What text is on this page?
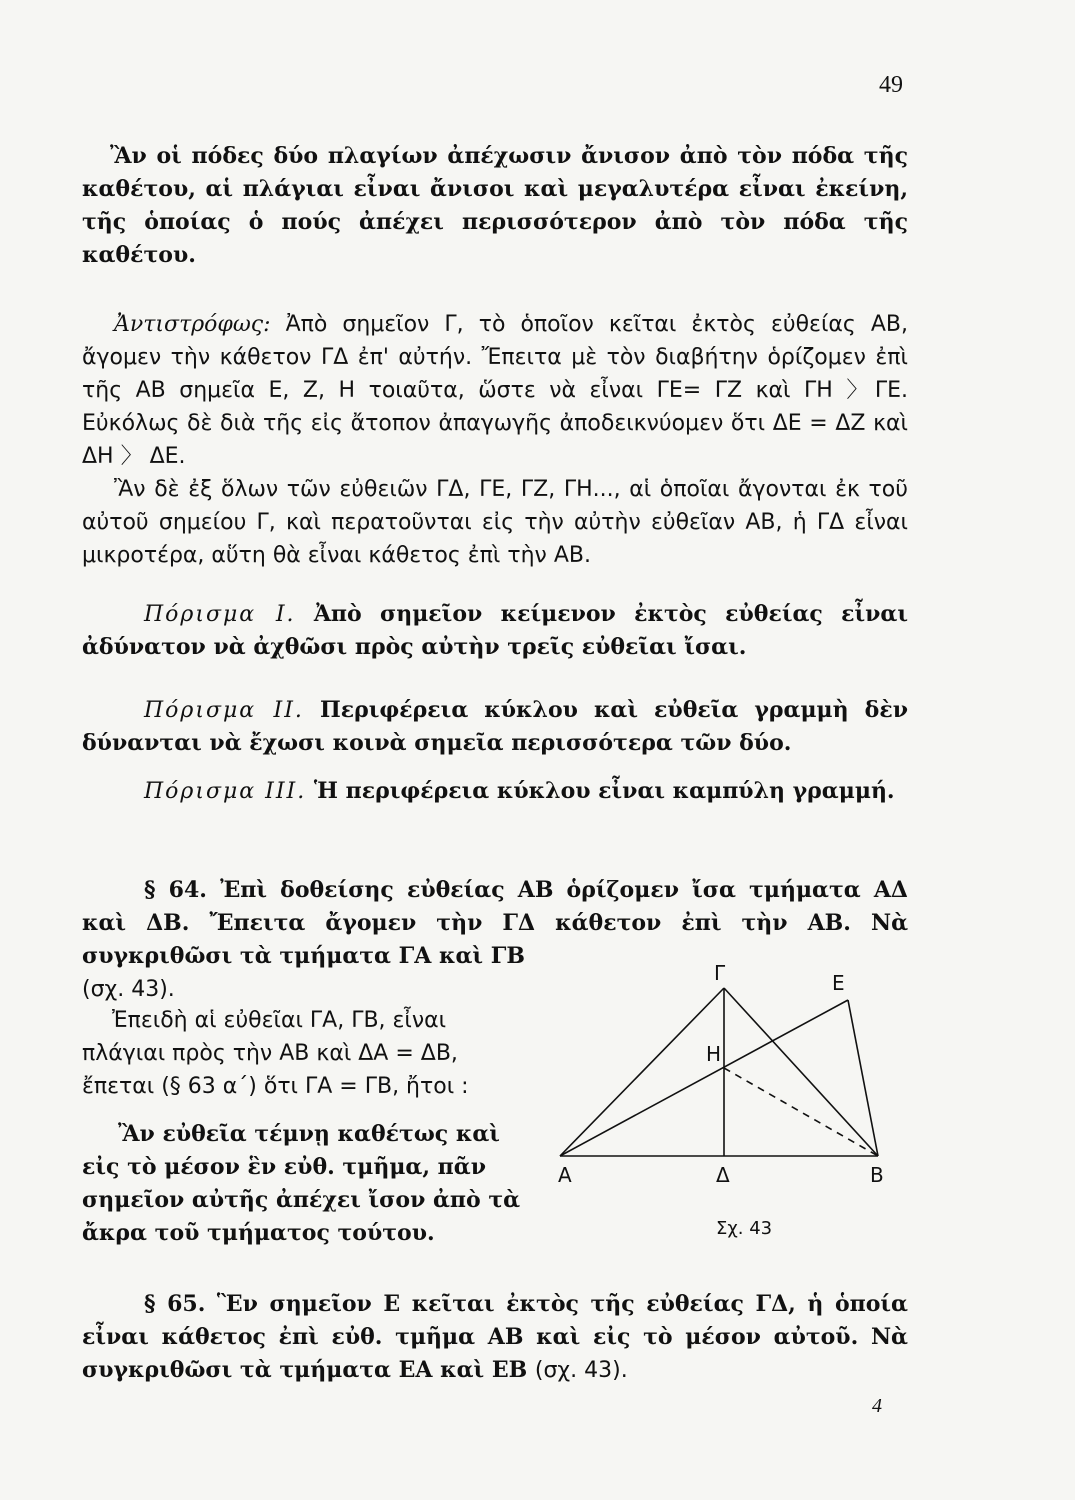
49

Ἂν οἱ πόδες δύο πλαγίων ἀπέχωσιν ἄνισον ἀπὸ τὸν πόδα τῆς καθέτου, αἱ πλάγιαι εἶναι ἄνισοι καὶ μεγαλυτέρα εἶναι ἐκείνη, τῆς ὁποίας ὁ πούς ἀπέχει περισσότερον ἀπὸ τὸν πόδα τῆς καθέτου.

Ἀντιστρόφως: Ἀπὸ σημεῖον Γ, τὸ ὁποῖον κεῖται ἐκτὸς εὐθείας ΑΒ, ἄγομεν τὴν κάθετον ΓΔ ἐπ' αὐτήν. Ἔπειτα μὲ τὸν διαβήτην ὁρίζομεν ἐπὶ τῆς ΑΒ σημεῖα Ε, Ζ, Η τοιαῦτα, ὥστε νὰ εἶναι ΓΕ= ΓΖ καὶ ΓΗ 〉ΓΕ. Εὐκόλως δὲ διὰ τῆς εἰς ἄτοπον ἀπαγωγῆς ἀποδεικνύομεν ὅτι ΔΕ = ΔΖ καὶ ΔΗ 〉 ΔΕ.

Ἂν δὲ ἐξ ὅλων τῶν εὐθειῶν ΓΔ, ΓΕ, ΓΖ, ΓΗ..., αἱ ὁποῖαι ἄγονται ἐκ τοῦ αὐτοῦ σημείου Γ, καὶ περατοῦνται εἰς τὴν αὐτὴν εὐθεῖαν ΑΒ, ἡ ΓΔ εἶναι μικροτέρα, αὕτη θὰ εἶναι κάθετος ἐπὶ τὴν ΑΒ.

Πόρισμα Ι. Ἀπὸ σημεῖον κείμενον ἐκτὸς εὐθείας εἶναι ἀδύνατον νὰ ἀχθῶσι πρὸς αὐτὴν τρεῖς εὐθεῖαι ἴσαι.

Πόρισμα ΙΙ. Περιφέρεια κύκλου καὶ εὐθεῖα γραμμὴ δὲν δύνανται νὰ ἔχωσι κοινὰ σημεῖα περισσότερα τῶν δύο.

Πόρισμα ΙΙΙ. Ἡ περιφέρεια κύκλου εἶναι καμπύλη γραμμή.

§ 64. Ἐπὶ δοθείσης εὐθείας ΑΒ ὁρίζομεν ἴσα τμήματα ΑΔ καὶ ΔΒ. Ἔπειτα ἄγομεν τὴν ΓΔ κάθετον ἐπὶ τὴν ΑΒ. Νὰ συγκριθῶσι τὰ τμήματα ΓΑ καὶ ΓΒ
(σχ. 43).

Ἐπειδὴ αἱ εὐθεῖαι ΓΑ, ΓΒ, εἶναι
πλάγιαι πρὸς τὴν ΑΒ καὶ ΔΑ = ΔΒ,
ἔπεται (§ 63 α΄) ὅτι ΓΑ = ΓΒ, ἤτοι :
Ἂν εὐθεῖα τέμνῃ καθέτως καὶ
εἰς τὸ μέσον ἓν εὐθ. τμῆμα, πᾶν
σημεῖον αὐτῆς ἀπέχει ἴσον ἀπὸ τὰ
ἄκρα τοῦ τμήματος τούτου.
Γ	Ε
Η
Α	Δ	Β
Σχ. 43

§ 65. Ἓν σημεῖον Ε κεῖται ἐκτὸς τῆς εὐθείας ΓΔ, ἡ ὁποία εἶναι κάθετος ἐπὶ εὐθ. τμῆμα ΑΒ καὶ εἰς τὸ μέσον αὐτοῦ. Νὰ συγκριθῶσι τὰ τμήματα ΕΑ καὶ ΕΒ (σχ. 43).

4
